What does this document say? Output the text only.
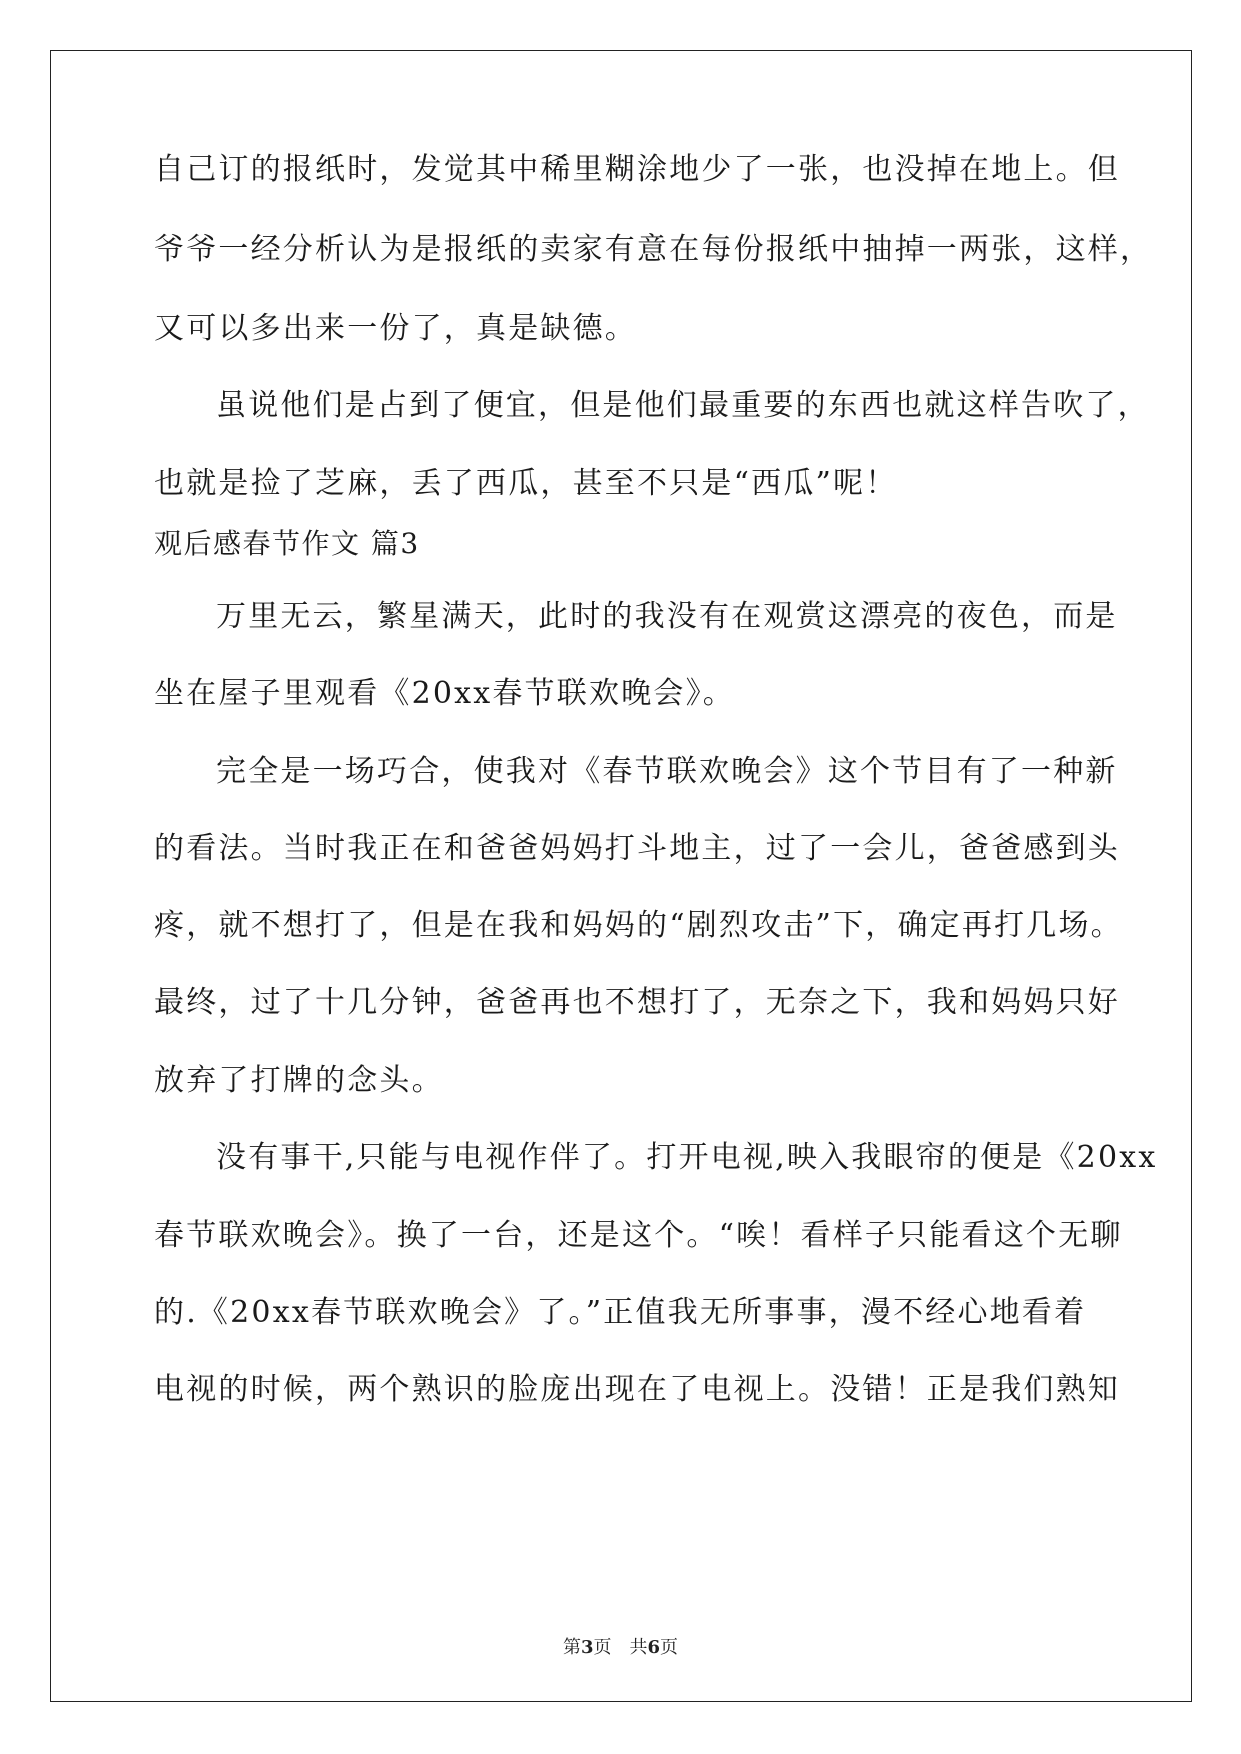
自己订的报纸时，发觉其中稀里糊涂地少了一张，也没掉在地上。但
爷爷一经分析认为是报纸的卖家有意在每份报纸中抽掉一两张，这样，
又可以多出来一份了，真是缺德。
虽说他们是占到了便宜，但是他们最重要的东西也就这样告吹了，
也就是捡了芝麻，丢了西瓜，甚至不只是“西瓜”呢！
观后感春节作文 篇3
万里无云，繁星满天，此时的我没有在观赏这漂亮的夜色，而是
坐在屋子里观看《20xx春节联欢晚会》。
完全是一场巧合，使我对《春节联欢晚会》这个节目有了一种新
的看法。当时我正在和爸爸妈妈打斗地主，过了一会儿，爸爸感到头
疼，就不想打了，但是在我和妈妈的“剧烈攻击”下，确定再打几场。
最终，过了十几分钟，爸爸再也不想打了，无奈之下，我和妈妈只好
放弃了打牌的念头。
没有事干,只能与电视作伴了。打开电视,映入我眼帘的便是《20xx
春节联欢晚会》。换了一台，还是这个。“唉！看样子只能看这个无聊
的.《20xx春节联欢晚会》了。”正值我无所事事，漫不经心地看着
电视的时候，两个熟识的脸庞出现在了电视上。没错！正是我们熟知
第3页　共6页
